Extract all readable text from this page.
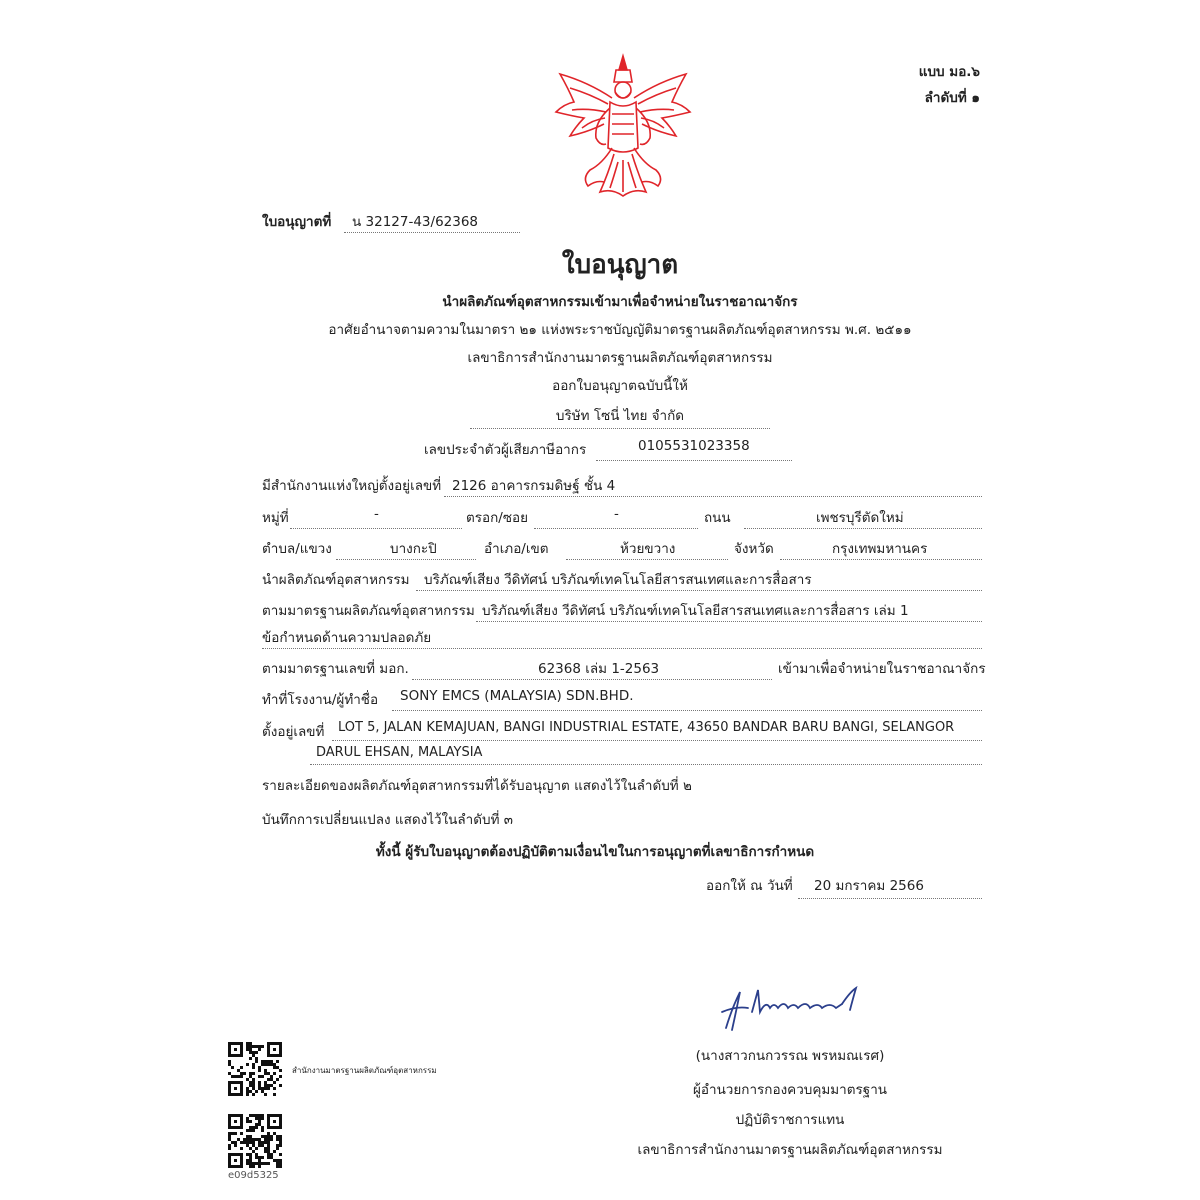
แบบ มอ.๖
ลำดับที่ ๑
ใบอนุญาตที่ น 32127-43/62368
ใบอนุญาต
นำผลิตภัณฑ์อุตสาหกรรมเข้ามาเพื่อจำหน่ายในราชอาณาจักร
อาศัยอำนาจตามความในมาตรา ๒๑ แห่งพระราชบัญญัติมาตรฐานผลิตภัณฑ์อุตสาหกรรม พ.ศ. ๒๕๑๑
เลขาธิการสำนักงานมาตรฐานผลิตภัณฑ์อุตสาหกรรม
ออกใบอนุญาตฉบับนี้ให้
บริษัท โซนี่ ไทย จำกัด
เลขประจำตัวผู้เสียภาษีอากร	0105531023358
มีสำนักงานแห่งใหญ่ตั้งอยู่เลขที่ 2126 อาคารกรมดิษฐ์ ชั้น 4
หมู่ที่	-	ตรอก/ซอย	-	ถนน	เพชรบุรีตัดใหม่
ตำบล/แขวง	บางกะปิ	อำเภอ/เขต	ห้วยขวาง	จังหวัด	กรุงเทพมหานคร
นำผลิตภัณฑ์อุตสาหกรรม บริภัณฑ์เสียง วีดิทัศน์ บริภัณฑ์เทคโนโลยีสารสนเทศและการสื่อสาร
ตามมาตรฐานผลิตภัณฑ์อุตสาหกรรม บริภัณฑ์เสียง วีดิทัศน์ บริภัณฑ์เทคโนโลยีสารสนเทศและการสื่อสาร เล่ม 1
ข้อกำหนดด้านความปลอดภัย
ตามมาตรฐานเลขที่ มอก.	62368 เล่ม 1-2563	เข้ามาเพื่อจำหน่ายในราชอาณาจักร
ทำที่โรงงาน/ผู้ทำชื่อ SONY EMCS (MALAYSIA) SDN.BHD.
ตั้งอยู่เลขที่ LOT 5, JALAN KEMAJUAN, BANGI INDUSTRIAL ESTATE, 43650 BANDAR BARU BANGI, SELANGOR
DARUL EHSAN, MALAYSIA
รายละเอียดของผลิตภัณฑ์อุตสาหกรรมที่ได้รับอนุญาต แสดงไว้ในลำดับที่ ๒
บันทึกการเปลี่ยนแปลง แสดงไว้ในลำดับที่ ๓
ทั้งนี้ ผู้รับใบอนุญาตต้องปฏิบัติตามเงื่อนไขในการอนุญาตที่เลขาธิการกำหนด
ออกให้ ณ วันที่ 20 มกราคม 2566
(นางสาวกนกวรรณ พรหมณเรศ)
ผู้อำนวยการกองควบคุมมาตรฐาน
ปฏิบัติราชการแทน
เลขาธิการสำนักงานมาตรฐานผลิตภัณฑ์อุตสาหกรรม
สำนักงานมาตรฐานผลิตภัณฑ์อุตสาหกรรม
e09d5325
